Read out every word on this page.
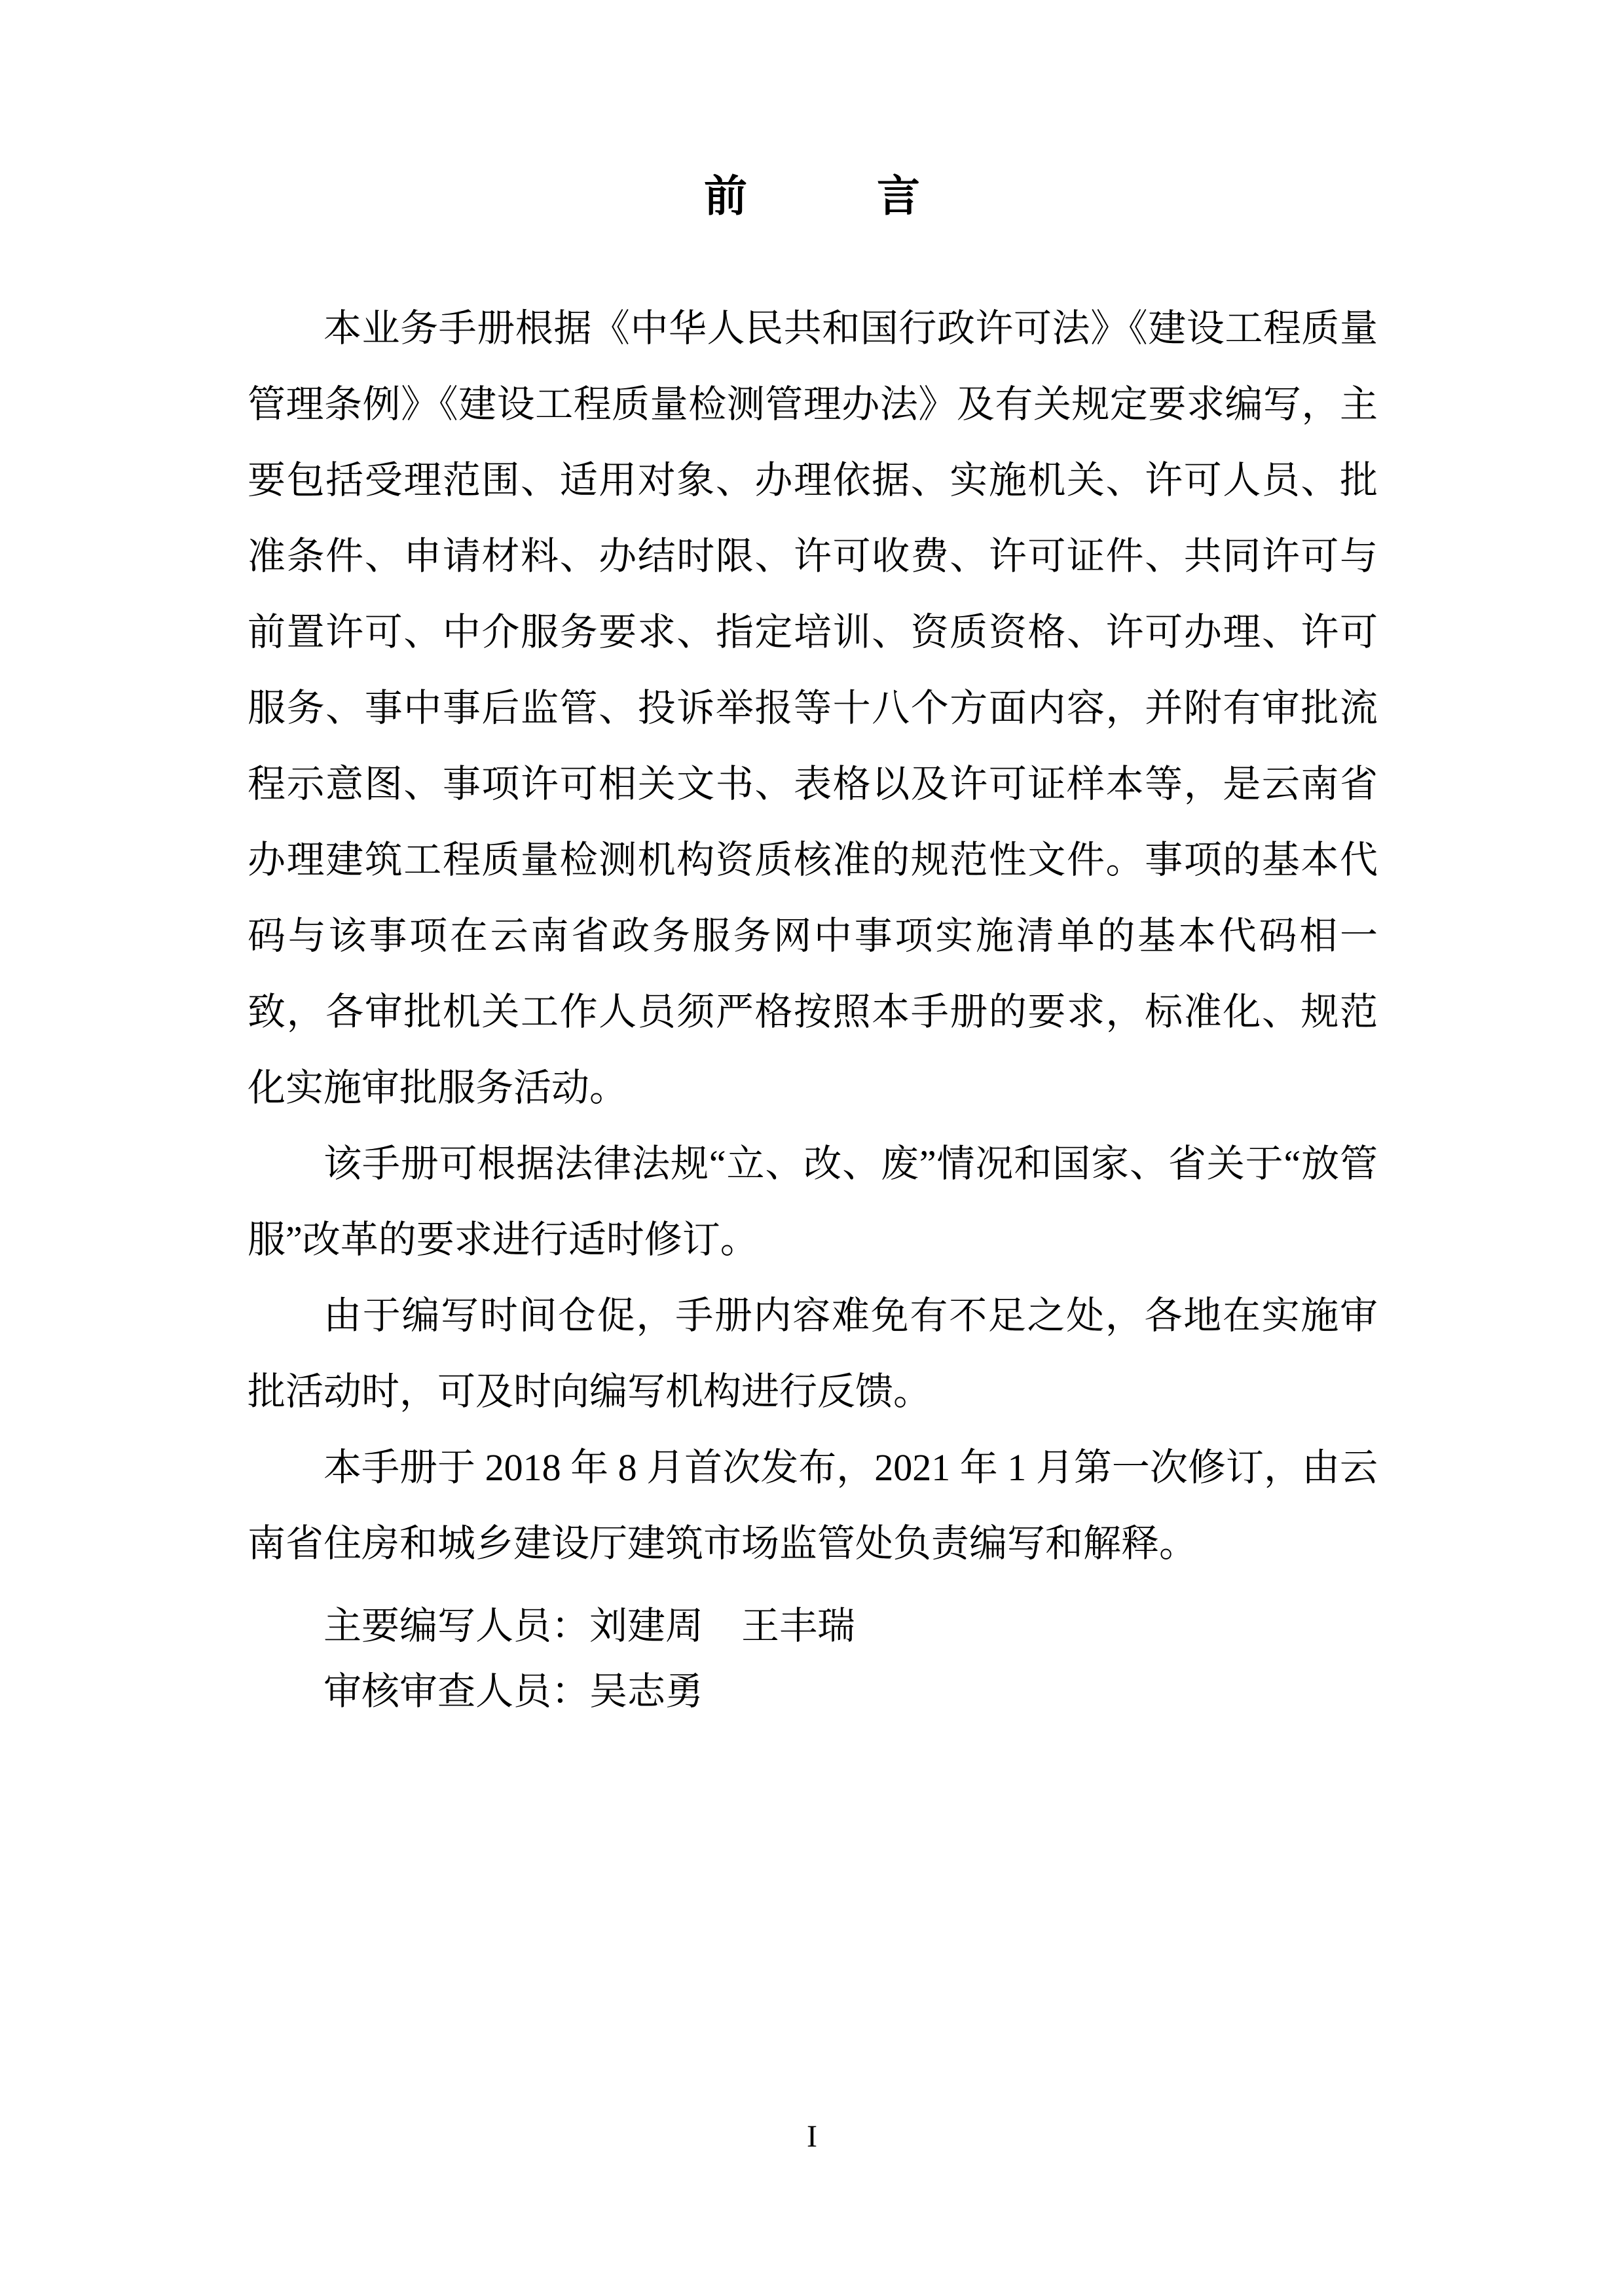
前　　　言

本业务手册根据《中华人民共和国行政许可法》《建设工程质量管理条例》《建设工程质量检测管理办法》及有关规定要求编写，主要包括受理范围、适用对象、办理依据、实施机关、许可人员、批准条件、申请材料、办结时限、许可收费、许可证件、共同许可与前置许可、中介服务要求、指定培训、资质资格、许可办理、许可服务、事中事后监管、投诉举报等十八个方面内容，并附有审批流程示意图、事项许可相关文书、表格以及许可证样本等，是云南省办理建筑工程质量检测机构资质核准的规范性文件。事项的基本代码与该事项在云南省政务服务网中事项实施清单的基本代码相一致，各审批机关工作人员须严格按照本手册的要求，标准化、规范化实施审批服务活动。

该手册可根据法律法规“立、改、废”情况和国家、省关于“放管服”改革的要求进行适时修订。

由于编写时间仓促，手册内容难免有不足之处，各地在实施审批活动时，可及时向编写机构进行反馈。

本手册于 2018 年 8 月首次发布，2021 年 1 月第一次修订，由云南省住房和城乡建设厅建筑市场监管处负责编写和解释。

主要编写人员：刘建周　王丰瑞

审核审查人员：吴志勇

I
